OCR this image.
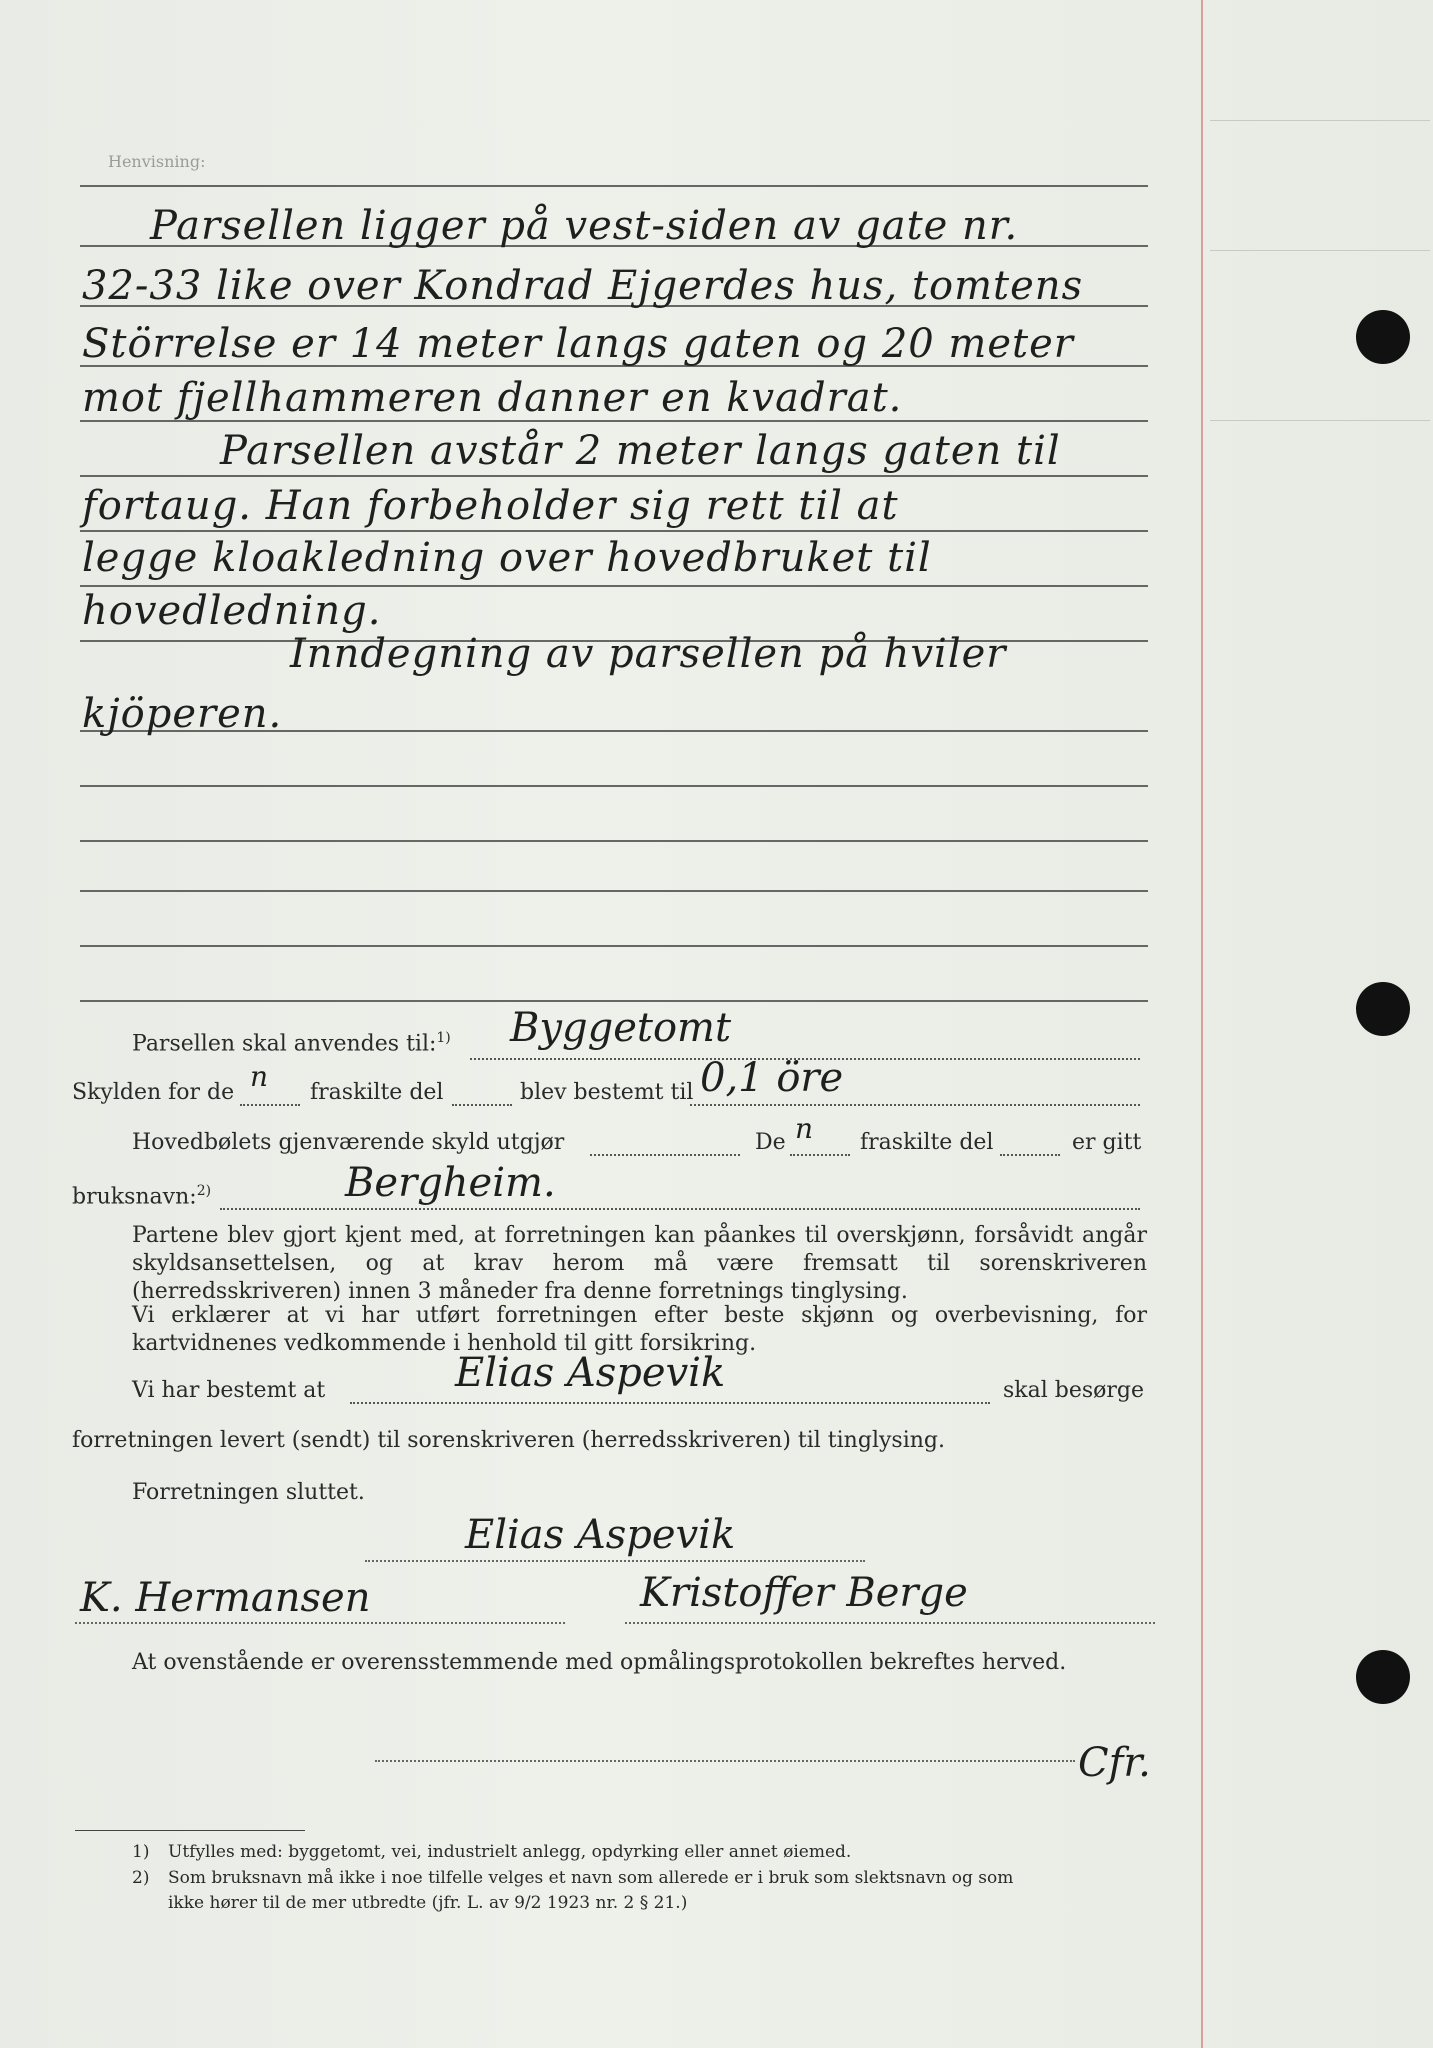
Henvisning:
Parsellen ligger på vest-siden av gate nr.
32-33 like over Kondrad Ejgerdes hus, tomtens
Störrelse er 14 meter langs gaten og 20 meter
mot fjellhammeren danner en kvadrat.
Parsellen avstår 2 meter langs gaten til
fortaug. Han forbeholder sig rett til at
legge kloakledning over hovedbruket til
hovedledning.
Inndegning av parsellen på hviler
kjöperen.
Parsellen skal anvendes til:$^{1)}$ Byggetomt
Skylden for de n fraskilte del	blev bestemt til 0,1 öre
Hovedbølets gjenværende skyld utgjør	De n fraskilte del	er gitt
bruksnavn:$^{2)}$	Bergheim.
Partene blev gjort kjent med, at forretningen kan påankes til overskjønn, forsåvidt angår skyldsansettelsen, og at krav herom må være fremsatt til sorenskriveren (herredsskriveren) innen 3 måneder fra denne forretnings tinglysing.
Vi erklærer at vi har utført forretningen efter beste skjønn og overbevisning, for kartvidnenes vedkommende i henhold til gitt forsikring.
Vi har bestemt at	Elias Aspevik	skal besørge
forretningen levert (sendt) til sorenskriveren (herredsskriveren) til tinglysing.
Forretningen sluttet.
Elias Aspevik
K. Hermansen	Kristoffer Berge
At ovenstående er overensstemmende med opmålingsprotokollen bekreftes herved.
Cfr.
1) Utfylles med: byggetomt, vei, industrielt anlegg, opdyrking eller annet øiemed.
2) Som bruksnavn må ikke i noe tilfelle velges et navn som allerede er i bruk som slektsnavn og som
ikke hører til de mer utbredte (jfr. L. av 9/2 1923 nr. 2 § 21.)
